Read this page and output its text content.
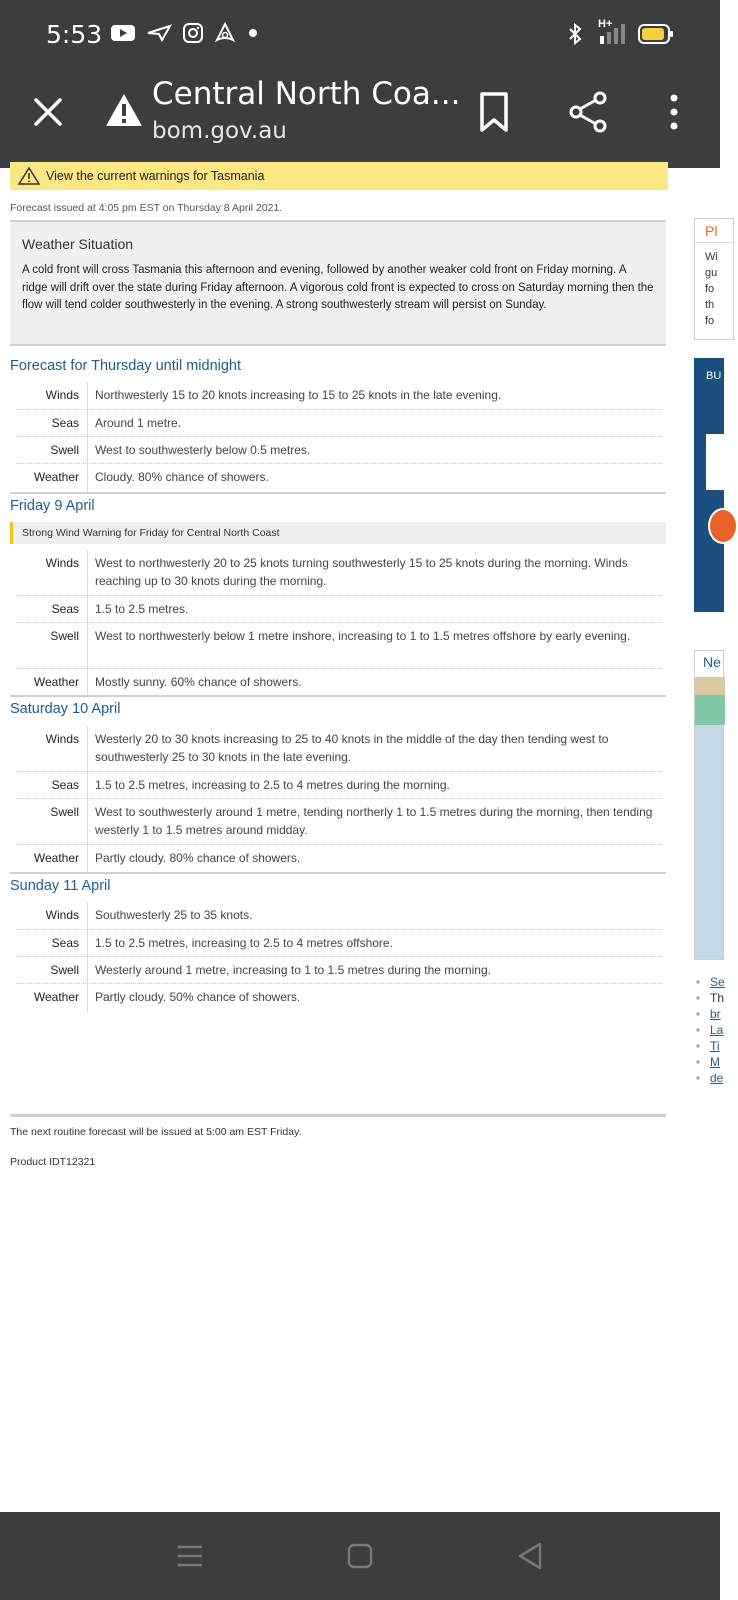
5:53	H+
Central North Coa...
bom.gov.au
View the current warnings for Tasmania
Forecast issued at 4:05 pm EST on Thursday 8 April 2021.
Weather Situation

A cold front will cross Tasmania this afternoon and evening, followed by another weaker cold front on Friday morning. A ridge will drift over the state during Friday afternoon. A vigorous cold front is expected to cross on Saturday morning then the flow will tend colder southwesterly in the evening. A strong southwesterly stream will persist on Sunday.

Forecast for Thursday until midnight
Winds	Northwesterly 15 to 20 knots increasing to 15 to 25 knots in the late evening.
Seas	Around 1 metre.
Swell	West to southwesterly below 0.5 metres.
Weather	Cloudy. 80% chance of showers.
Friday 9 April
Strong Wind Warning for Friday for Central North Coast
Winds	West to northwesterly 20 to 25 knots turning southwesterly 15 to 25 knots during the morning. Winds reaching up to 30 knots during the morning.
Seas	1.5 to 2.5 metres.
Swell	West to northwesterly below 1 metre inshore, increasing to 1 to 1.5 metres offshore by early evening.
Weather	Mostly sunny. 60% chance of showers.
Saturday 10 April
Winds	Westerly 20 to 30 knots increasing to 25 to 40 knots in the middle of the day then tending west to southwesterly 25 to 30 knots in the late evening.
Seas	1.5 to 2.5 metres, increasing to 2.5 to 4 metres during the morning.
Swell	West to southwesterly around 1 metre, tending northerly 1 to 1.5 metres during the morning, then tending westerly 1 to 1.5 metres around midday.
Weather	Partly cloudy. 80% chance of showers.
Sunday 11 April
Winds	Southwesterly 25 to 35 knots.
Seas	1.5 to 2.5 metres, increasing to 2.5 to 4 metres offshore.
Swell	Westerly around 1 metre, increasing to 1 to 1.5 metres during the morning.
Weather	Partly cloudy. 50% chance of showers.
The next routine forecast will be issued at 5:00 am EST Friday.
Product IDT12321
Pl
Wi
gu
fo
th
fo
BU
Ne
• Se
• Th
• br
• La
• Ti
• M
• de
